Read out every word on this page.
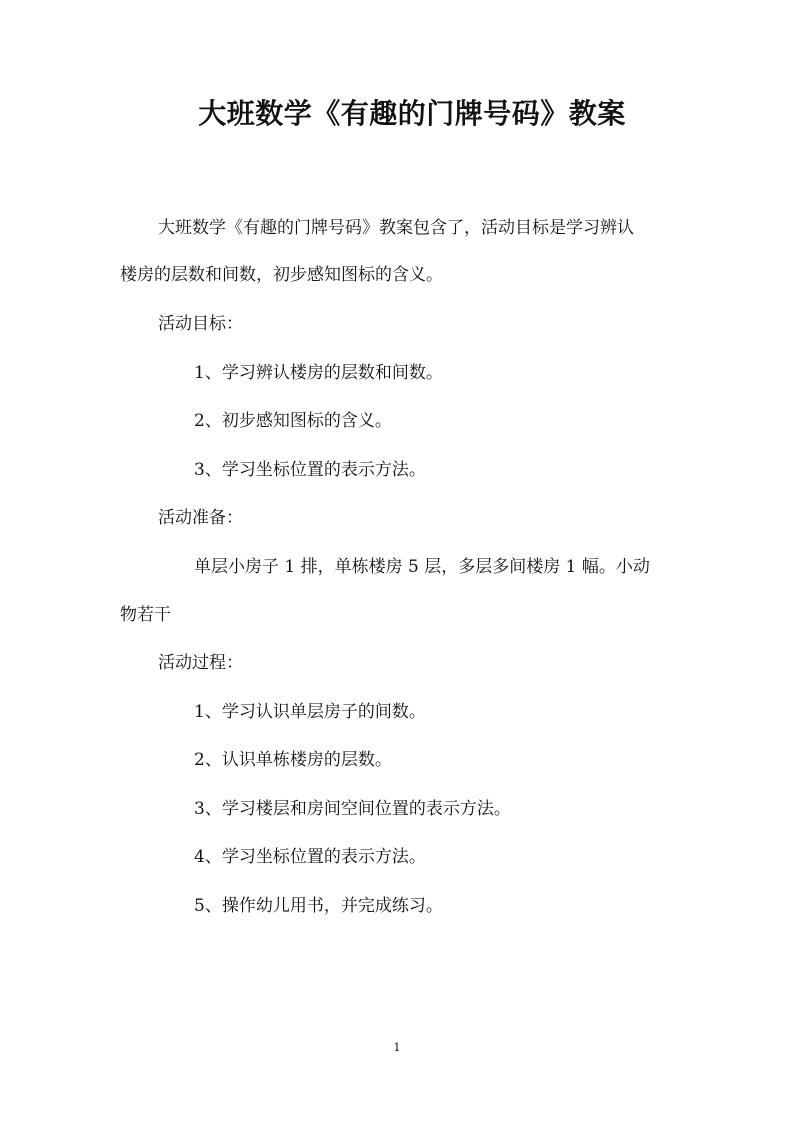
大班数学《有趣的门牌号码》教案
大班数学《有趣的门牌号码》教案包含了，活动目标是学习辨认
楼房的层数和间数，初步感知图标的含义。
活动目标：
1、学习辨认楼房的层数和间数。
2、初步感知图标的含义。
3、学习坐标位置的表示方法。
活动准备：
单层小房子 1 排，单栋楼房 5 层，多层多间楼房 1 幅。小动
物若干
活动过程：
1、学习认识单层房子的间数。
2、认识单栋楼房的层数。
3、学习楼层和房间空间位置的表示方法。
4、学习坐标位置的表示方法。
5、操作幼儿用书，并完成练习。
1
